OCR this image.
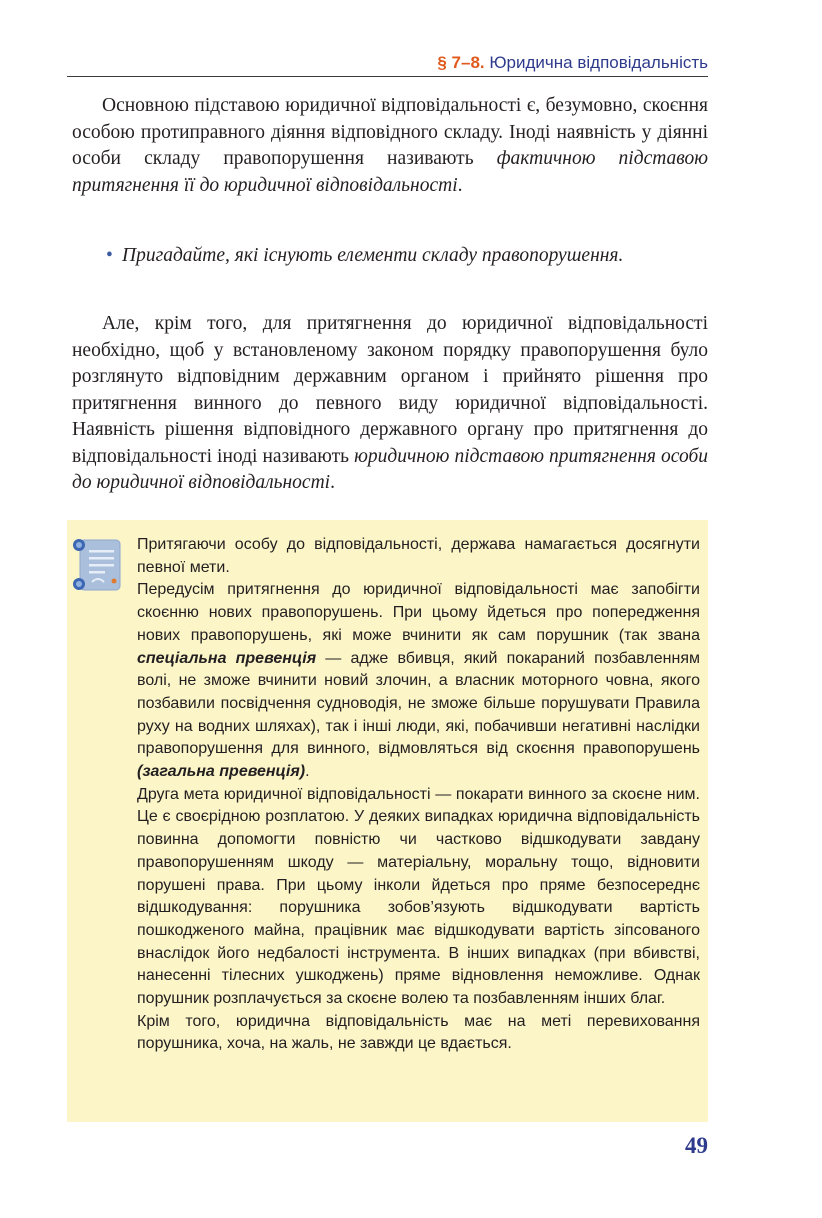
§ 7–8. Юридична відповідальність
Основною підставою юридичної відповідальності є, безумовно, скоєння особою протиправного діяння відповідного складу. Іноді наявність у діянні особи складу правопорушення називають фактичною підставою притягнення її до юридичної відповідальності.
• Пригадайте, які існують елементи складу правопорушення.
Але, крім того, для притягнення до юридичної відповідальності необхідно, щоб у встановленому законом порядку правопорушення було розглянуто відповідним державним органом і прийнято рішення про притягнення винного до певного виду юридичної відповідальності. Наявність рішення відповідного державного органу про притягнення до відповідальності іноді називають юридичною підставою притягнення особи до юридичної відповідальності.

Притягаючи особу до відповідальності, держава намагається досягнути певної мети.

Передусім притягнення до юридичної відповідальності має запобігти скоєнню нових правопорушень. При цьому йдеться про попередження нових правопорушень, які може вчинити як сам порушник (так звана спеціальна превенція — адже вбивця, який покараний позбавленням волі, не зможе вчинити новий злочин, а власник моторного човна, якого позбавили посвідчення судноводія, не зможе більше порушувати Правила руху на водних шляхах), так і інші люди, які, побачивши негативні наслідки правопорушення для винного, відмовляться від скоєння правопорушень (загальна превенція).

Друга мета юридичної відповідальності — покарати винного за скоєне ним. Це є своєрідною розплатою. У деяких випадках юридична відповідальність повинна допомогти повністю чи частково відшкодувати завдану правопорушенням шкоду — матеріальну, моральну тощо, відновити порушені права. При цьому інколи йдеться про пряме безпосереднє відшкодування: порушника зобов’язують відшкодувати вартість пошкодженого майна, працівник має відшкодувати вартість зіпсованого внаслідок його недбалості інструмента. В інших випадках (при вбивстві, нанесенні тілесних ушкоджень) пряме відновлення неможливе. Однак порушник розплачується за скоєне волею та позбавленням інших благ.

Крім того, юридична відповідальність має на меті перевиховання порушника, хоча, на жаль, не завжди це вдається.

49
